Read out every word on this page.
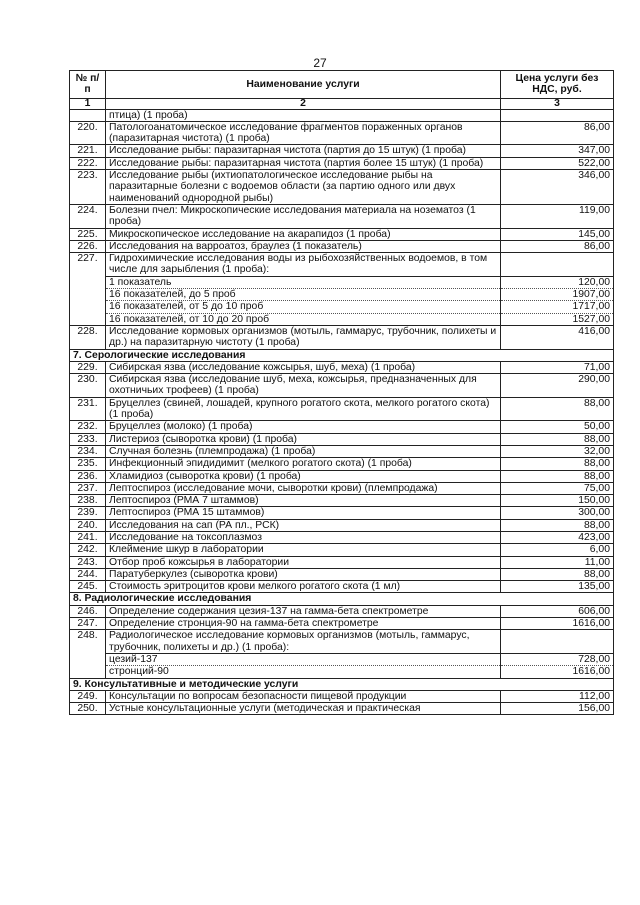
27
№ п/п	Наименование услуги	Цена услуги без НДС, руб.
1	2	3
	птица) (1 проба)	
220.	Патологоанатомическое исследование фрагментов пораженных органов (паразитарная чистота) (1 проба)	86,00
221.	Исследование рыбы: паразитарная чистота (партия до 15 штук) (1 проба)	347,00
222.	Исследование рыбы: паразитарная чистота (партия более 15 штук) (1 проба)	522,00
223.	Исследование рыбы (ихтиопатологическое исследование рыбы на паразитарные болезни с водоемов области (за партию одного или двух наименований однородной рыбы)	346,00
224.	Болезни пчел: Микроскопические исследования материала на нозематоз (1 проба)	119,00
225.	Микроскопическое исследование на акарапидоз (1 проба)	145,00
226.	Исследования на варроатоз, браулез (1 показатель)	86,00
227.	Гидрохимические исследования воды из рыбохозяйственных водоемов, в том числе для зарыбления (1 проба):	
	1 показатель	120,00
	16 показателей, до 5 проб	1907,00
	16 показателей, от 5 до 10 проб	1717,00
	16 показателей, от 10 до 20 проб	1527,00
228.	Исследование кормовых организмов (мотыль, гаммарус, трубочник, полихеты и др.) на паразитарную чистоту (1 проба)	416,00
7. Серологические исследования		
229.	Сибирская язва (исследование кожсырья, шуб, меха) (1 проба)	71,00
230.	Сибирская язва (исследование шуб, меха, кожсырья, предназначенных для охотничьих трофеев) (1 проба)	290,00
231.	Бруцеллез (свиней, лошадей, крупного рогатого скота, мелкого рогатого скота) (1 проба)	88,00
232.	Бруцеллез (молоко) (1 проба)	50,00
233.	Листериоз (сыворотка крови) (1 проба)	88,00
234.	Случная болезнь (племпродажа) (1 проба)	32,00
235.	Инфекционный эпидидимит (мелкого рогатого скота) (1 проба)	88,00
236.	Хламидиоз (сыворотка крови) (1 проба)	88,00
237.	Лептоспироз (исследование мочи, сыворотки крови) (племпродажа)	75,00
238.	Лептоспироз (РМА 7 штаммов)	150,00
239.	Лептоспироз (РМА 15 штаммов)	300,00
240.	Исследования на сап (РА пл., РСК)	88,00
241.	Исследование на токсоплазмоз	423,00
242.	Клеймение шкур в лаборатории	6,00
243.	Отбор проб кожсырья в лаборатории	11,00
244.	Паратуберкулез (сыворотка крови)	88,00
245.	Стоимость эритроцитов крови мелкого рогатого скота (1 мл)	135,00
8. Радиологические исследования		
246.	Определение содержания цезия-137 на гамма-бета спектрометре	606,00
247.	Определение стронция-90 на гамма-бета спектрометре	1616,00
248.	Радиологическое исследование кормовых организмов (мотыль, гаммарус, трубочник, полихеты и др.) (1 проба):	
	цезий-137	728,00
	стронций-90	1616,00
9. Консультативные и методические услуги		
249.	Консультации по вопросам безопасности пищевой продукции	112,00
250.	Устные консультационные услуги (методическая и практическая	156,00
